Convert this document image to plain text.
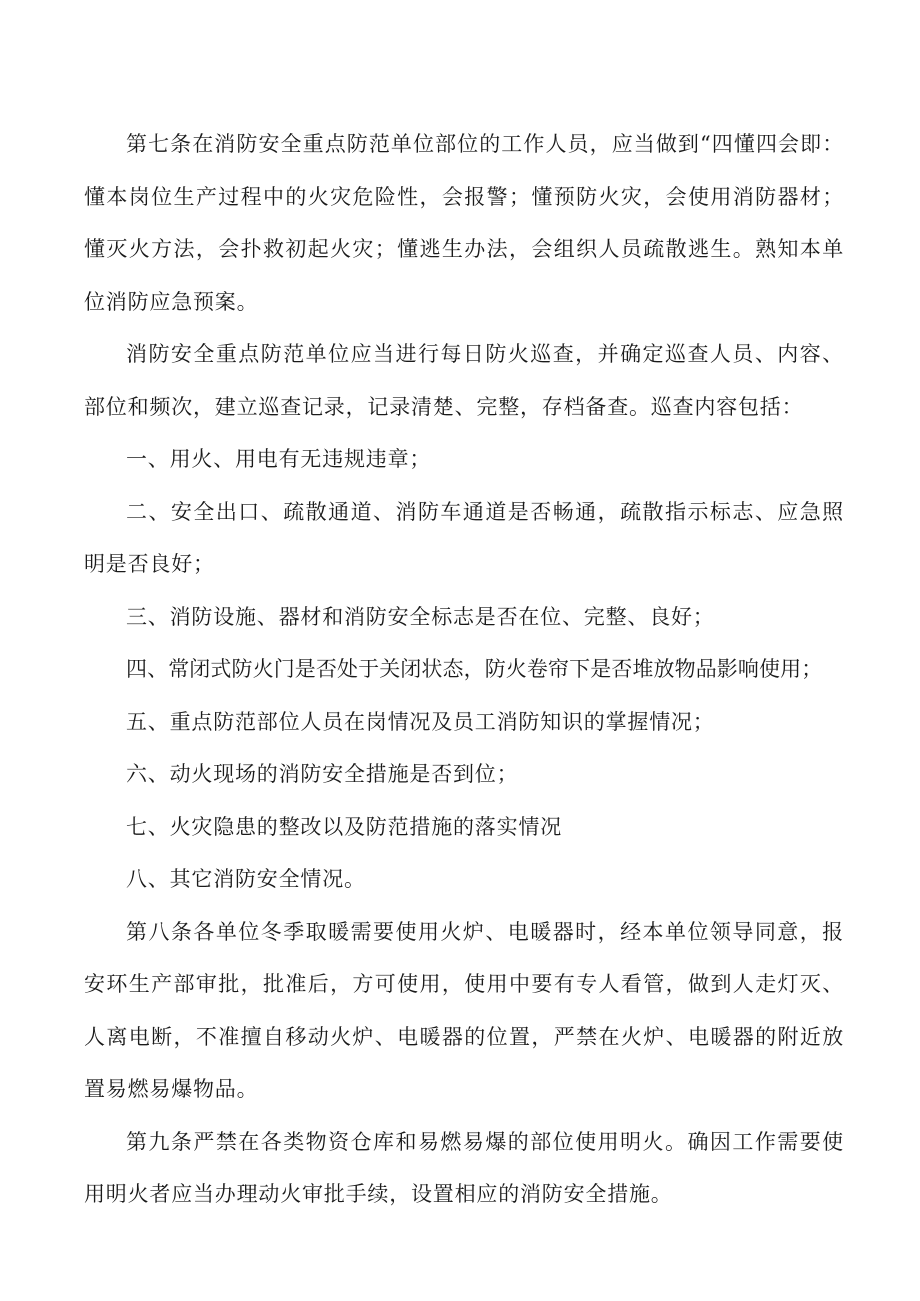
第七条在消防安全重点防范单位部位的工作人员，应当做到“四懂四会即：懂本岗位生产过程中的火灾危险性，会报警；懂预防火灾，会使用消防器材；懂灭火方法，会扑救初起火灾；懂逃生办法，会组织人员疏散逃生。熟知本单位消防应急预案。

消防安全重点防范单位应当进行每日防火巡查，并确定巡查人员、内容、部位和频次，建立巡查记录，记录清楚、完整，存档备查。巡查内容包括：

一、用火、用电有无违规违章；

二、安全出口、疏散通道、消防车通道是否畅通，疏散指示标志、应急照明是否良好；

三、消防设施、器材和消防安全标志是否在位、完整、良好；

四、常闭式防火门是否处于关闭状态，防火卷帘下是否堆放物品影响使用；

五、重点防范部位人员在岗情况及员工消防知识的掌握情况；

六、动火现场的消防安全措施是否到位；

七、火灾隐患的整改以及防范措施的落实情况

八、其它消防安全情况。

第八条各单位冬季取暖需要使用火炉、电暖器时，经本单位领导同意，报安环生产部审批，批准后，方可使用，使用中要有专人看管，做到人走灯灭、人离电断，不准擅自移动火炉、电暖器的位置，严禁在火炉、电暖器的附近放置易燃易爆物品。

第九条严禁在各类物资仓库和易燃易爆的部位使用明火。确因工作需要使用明火者应当办理动火审批手续，设置相应的消防安全措施。
